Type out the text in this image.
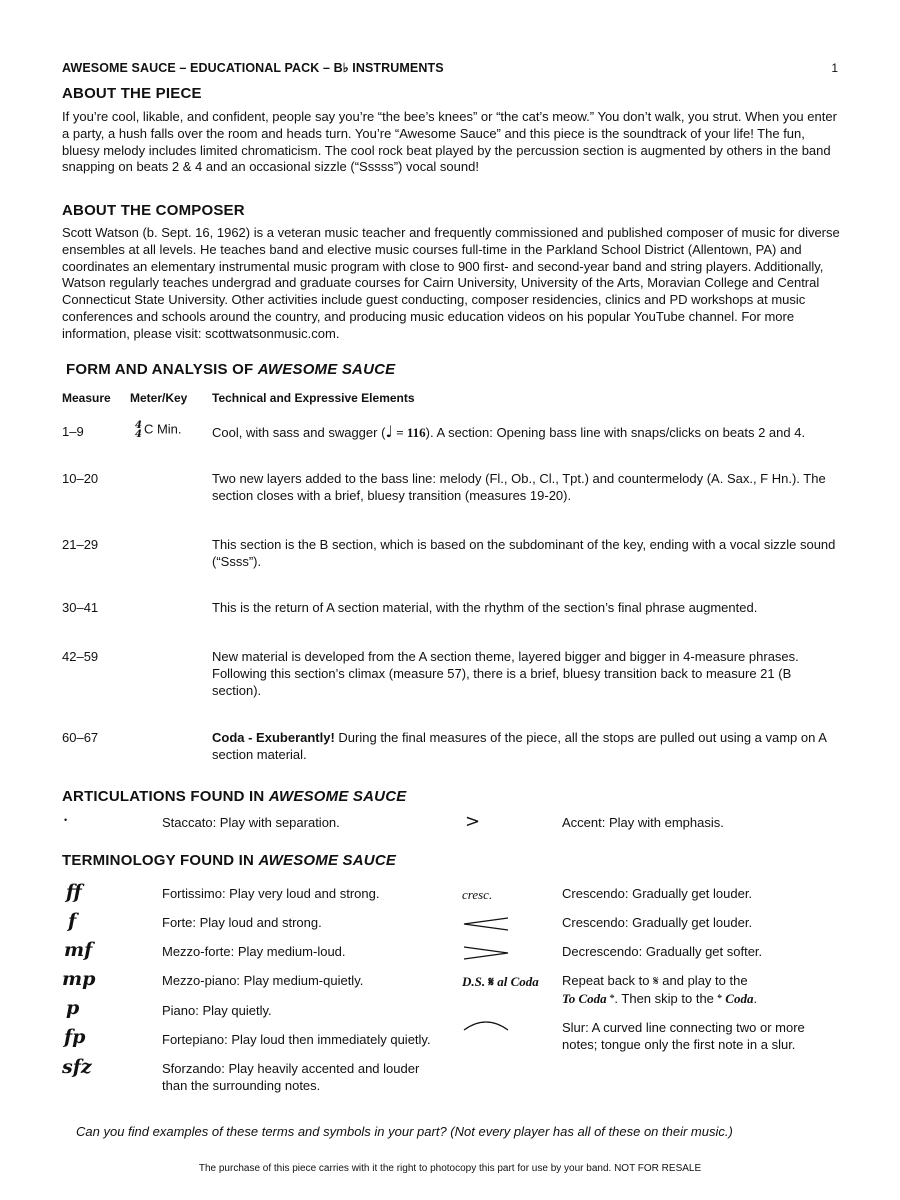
AWESOME SAUCE – EDUCATIONAL PACK – B♭ INSTRUMENTS	1
ABOUT THE PIECE

If you’re cool, likable, and confident, people say you’re “the bee’s knees” or “the cat’s meow.” You don’t walk, you strut. When you enter a party, a hush falls over the room and heads turn. You’re “Awesome Sauce” and this piece is the soundtrack of your life! The fun, bluesy melody includes limited chromaticism. The cool rock beat played by the percussion section is augmented by others in the band snapping on beats 2 & 4 and an occasional sizzle (“Sssss”) vocal sound!

ABOUT THE COMPOSER

Scott Watson (b. Sept. 16, 1962) is a veteran music teacher and frequently commissioned and published composer of music for diverse ensembles at all levels. He teaches band and elective music courses full-time in the Parkland School District (Allentown, PA) and coordinates an elementary instrumental music program with close to 900 first- and second-year band and string players. Additionally, Watson regularly teaches undergrad and graduate courses for Cairn University, University of the Arts, Moravian College and Central Connecticut State University. Other activities include guest conducting, composer residencies, clinics and PD workshops at music conferences and schools around the country, and producing music education videos on his popular YouTube channel. For more information, please visit: scottwatsonmusic.com.

FORM AND ANALYSIS OF AWESOME SAUCE
Measure Meter/Key Technical and Expressive Elements
4
4 C Min.
1–9	Cool, with sass and swagger (♩ = 116). A section: Opening bass line with snaps/clicks on beats 2 and 4.
10–20	Two new layers added to the bass line: melody (Fl., Ob., Cl., Tpt.) and countermelody (A. Sax., F Hn.). The section closes with a brief, bluesy transition (measures 19-20).
21–29	This section is the B section, which is based on the subdominant of the key, ending with a vocal sizzle sound (“Ssss”).
30–41	This is the return of A section material, with the rhythm of the section’s final phrase augmented.
42–59	New material is developed from the A section theme, layered bigger and bigger in 4-measure phrases. Following this section’s climax (measure 57), there is a brief, bluesy transition back to measure 21 (B section).
60–67	Coda - Exuberantly! During the final measures of the piece, all the stops are pulled out using a vamp on A section material.
ARTICULATIONS FOUND IN AWESOME SAUCE
•	Staccato: Play with separation.	>	Accent: Play with emphasis.
TERMINOLOGY FOUND IN AWESOME SAUCE
ff	Fortissimo: Play very loud and strong.
f	Forte: Play loud and strong.
mf	Mezzo-forte: Play medium-loud.
mp	Mezzo-piano: Play medium-quietly.
p	Piano: Play quietly.
fp	Fortepiano: Play loud then immediately quietly.
sfz	Sforzando: Play heavily accented and louder than the surrounding notes.
cresc.	Crescendo: Gradually get louder.
Crescendo: Gradually get louder.
Decrescendo: Gradually get softer.
D.S. 𝄋 al Coda Repeat back to 𝄋 and play to the
To Coda 𝄌. Then skip to the 𝄌 Coda.
Slur: A curved line connecting two or more notes; tongue only the first note in a slur.
Can you find examples of these terms and symbols in your part? (Not every player has all of these on their music.)
The purchase of this piece carries with it the right to photocopy this part for use by your band. NOT FOR RESALE
